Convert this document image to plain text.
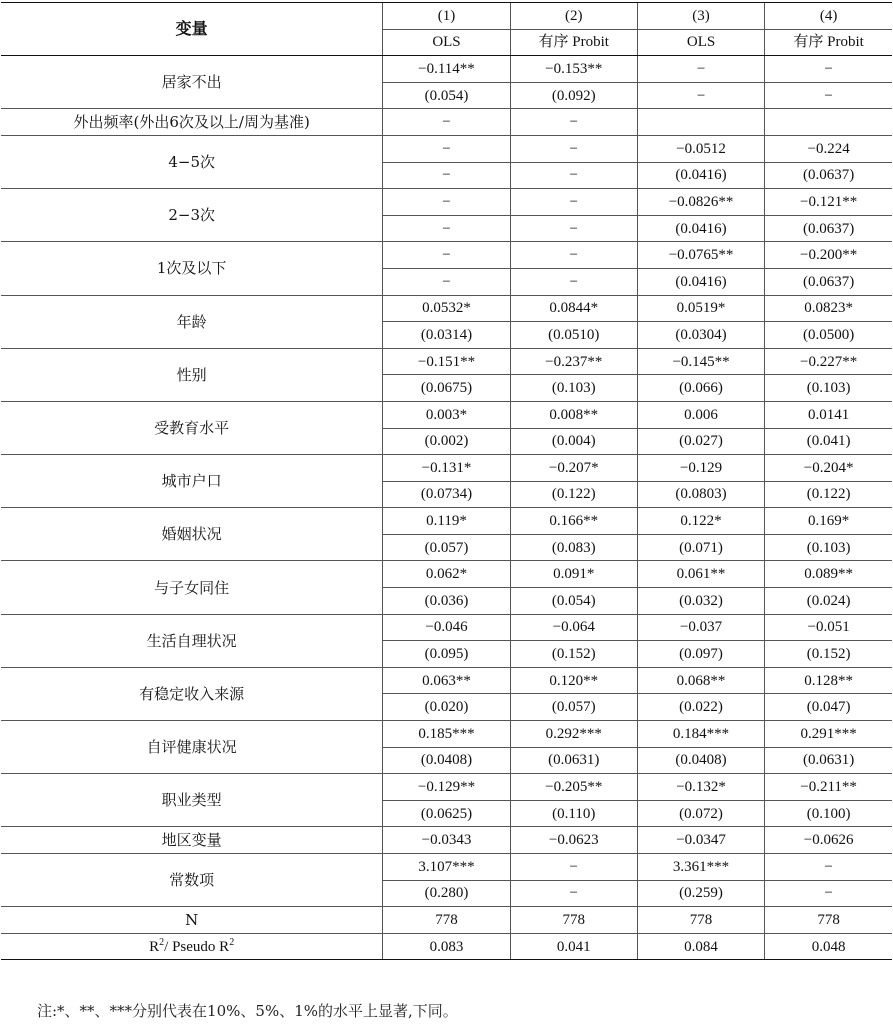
变量	(1)	(2)	(3)	(4)
	OLS	有序 Probit	OLS	有序 Probit
居家不出	−0.114**	−0.153**	−	−
	(0.054)	(0.092)	−	−
外出频率(外出6次及以上/周为基准)	−	−		
4−5次	−	−	−0.0512	−0.224
	−	−	(0.0416)	(0.0637)
2−3次	−	−	−0.0826**	−0.121**
	−	−	(0.0416)	(0.0637)
1次及以下	−	−	−0.0765**	−0.200**
	−	−	(0.0416)	(0.0637)
年龄	0.0532*	0.0844*	0.0519*	0.0823*
	(0.0314)	(0.0510)	(0.0304)	(0.0500)
性别	−0.151**	−0.237**	−0.145**	−0.227**
	(0.0675)	(0.103)	(0.066)	(0.103)
受教育水平	0.003*	0.008**	0.006	0.0141
	(0.002)	(0.004)	(0.027)	(0.041)
城市户口	−0.131*	−0.207*	−0.129	−0.204*
	(0.0734)	(0.122)	(0.0803)	(0.122)
婚姻状况	0.119*	0.166**	0.122*	0.169*
	(0.057)	(0.083)	(0.071)	(0.103)
与子女同住	0.062*	0.091*	0.061**	0.089**
	(0.036)	(0.054)	(0.032)	(0.024)
生活自理状况	−0.046	−0.064	−0.037	−0.051
	(0.095)	(0.152)	(0.097)	(0.152)
有稳定收入来源	0.063**	0.120**	0.068**	0.128**
	(0.020)	(0.057)	(0.022)	(0.047)
自评健康状况	0.185***	0.292***	0.184***	0.291***
	(0.0408)	(0.0631)	(0.0408)	(0.0631)
职业类型	−0.129**	−0.205**	−0.132*	−0.211**
	(0.0625)	(0.110)	(0.072)	(0.100)
地区变量	−0.0343	−0.0623	−0.0347	−0.0626
常数项	3.107***	−	3.361***	−
	(0.280)	−	(0.259)	−
N	778	778	778	778
$R^2/$ Pseudo $R^2$	0.083	0.041	0.084	0.048
注:*、**、***分别代表在10%、5%、1%的水平上显著,下同。
